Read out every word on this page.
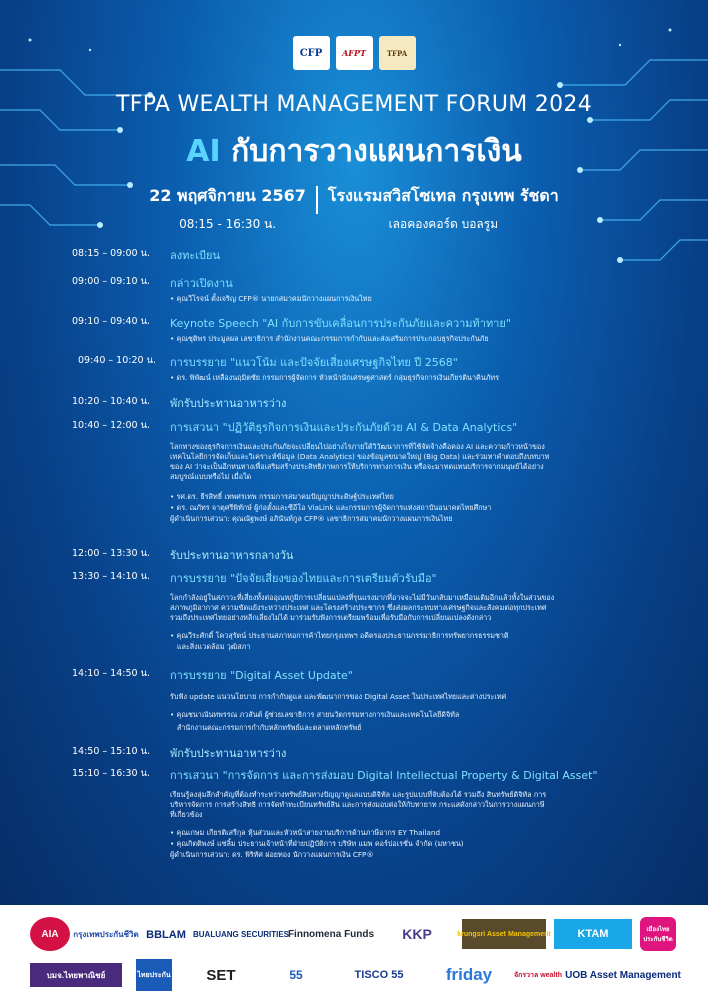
CFP	AFPT	TFPA
TFPA WEALTH MANAGEMENT FORUM 2024
AI กับการวางแผนการเงิน
22 พฤศจิกายน 2567
08:15 - 16:30 น.
โรงแรมสวิสโซเทล กรุงเทพ รัชดา
เลอคองคอร์ด บอลรูม
08:15 – 09:00 น. ลงทะเบียน
09:00 – 09:10 น. กล่าวเปิดงาน
• คุณวีโรจน์ ตั้งเจริญ CFP® นายกสมาคมนักวางแผนการเงินไทย
09:10 – 09:40 น. Keynote Speech "AI กับการขับเคลื่อนการประกันภัยและความท้าทาย"
• คุณชุติพร ประมูลผล เลขาธิการ สำนักงานคณะกรรมการกำกับและส่งเสริมการประกอบธุรกิจประกันภัย
09:40 – 10:20 น. การบรรยาย "แนวโน้ม และปัจจัยเสี่ยงเศรษฐกิจไทย ปี 2568"
• ดร. พิพัฒน์ เหลืองนฤมิตชัย กรรมการผู้จัดการ หัวหน้านักเศรษฐศาสตร์ กลุ่มธุรกิจการเงินเกียรตินาคินภัทร
10:20 – 10:40 น. พักรับประทานอาหารว่าง
10:40 – 12:00 น. การเสวนา "ปฏิวัติธุรกิจการเงินและประกันภัยด้วย AI & Data Analytics"
โลกทางของธุรกิจการเงินและประกันภัยจะเปลี่ยนไปอย่างไรภายใต้วิวัฒนาการที่ใช้จัดจ้างคือคอง AI และความก้าวหน้าของ
เทคโนโลยีการจัดเก็บและวิเคราะห์ข้อมูล (Data Analytics) ของข้อมูลขนาดใหญ่ (Big Data) และร่วมหาคำตอบถึงบทบาท
ของ AI ว่าจะเป็นอีกหนทางเพื่อเสริมสร้างประสิทธิภาพการให้บริการทางการเงิน หรือจะมาทดแทนบริการจากมนุษย์ได้อย่าง
สมบูรณ์แบบหรือไม่ เมื่อใด
• รศ.ดร. ธีรสิทธิ์ เทพศรเทพ กรรมการสมาคมปัญญาประดิษฐ์ประเทศไทย
• ดร. ณภัทร จาตุศรีพิทักษ์ ผู้ก่อตั้งและซีอีโอ ViaLink และกรรมการผู้จัดการแห่งสถาบันอนาคตไทยศึกษา
ผู้ดำเนินการเสวนา: คุณณัฐพงษ์ อภินันท์กูล CFP® เลขาธิการสมาคมนักวางแผนการเงินไทย
12:00 – 13:30 น. รับประทานอาหารกลางวัน
13:30 – 14:10 น. การบรรยาย "ปัจจัยเสี่ยงของไทยและการเตรียมตัวรับมือ"
โลกกำลังอยู่ในสภาวะที่เสี่ยงทั้งต่ออุณหภูมิการเปลี่ยนแปลงที่รุนแรงมากที่อาจจะไม่มีวันกลับมาเหมือนเดิมอีกแล้วทั้งในส่วนของ
สภาพภูมิอากาศ ความขัดแย้งระหว่างประเทศ และโครงสร้างประชากร ซึ่งส่งผลกระทบทางเศรษฐกิจและสังคมต่อทุกประเทศ
รวมถึงประเทศไทยอย่างหลีกเลี่ยงไม่ได้ มาร่วมรับฟังการเตรียมพร้อมเพื่อรับมือกับการเปลี่ยนแปลงดังกล่าว
• คุณวีระศักดิ์ โควสุรัตน์ ประธานสภาหอการค้าไทยกรุงเทพฯ อดีตรองประธานกรรมาธิการทรัพยากรธรรมชาติ
และสิ่งแวดล้อม วุฒิสภา
14:10 – 14:50 น. การบรรยาย "Digital Asset Update"
รับฟัง update แนวนโยบาย การกำกับดูแล และพัฒนาการของ Digital Asset ในประเทศไทยและต่างประเทศ
• คุณชนาณันทพรรณ ภวสันต์ ผู้ช่วยเลขาธิการ สายนวัตกรรมทางการเงินและเทคโนโลยีดิจิทัล
สำนักงานคณะกรรมการกำกับหลักทรัพย์และตลาดหลักทรัพย์
14:50 – 15:10 น. พักรับประทานอาหารว่าง
15:10 – 16:30 น. การเสวนา "การจัดการ และการส่งมอบ Digital Intellectual Property & Digital Asset"
เรียนรู้ลงลุ่มลึกสำคัญที่ต้องทำระหว่างทรัพย์สินทางปัญญาดูแลแบบดิจิทัล และรูปแบบที่จับต้องได้ รวมถึง สินทรัพย์ดิจิทัล การ
บริหารจัดการ การสร้างสิทธิ การจัดทำทะเบียนทรัพย์สิน และการส่งมอบต่อให้กับทายาท กระแสดังกล่าวในการวางแผนภาษี
ที่เกี่ยวข้อง
• คุณเกษม เกียรติเสรีกุล หุ้นส่วนและหัวหน้าสายงานบริการด้านภาษีอากร EY Thailand
• คุณกิตติพงษ์ แซ่ลิ้ม ประธานเจ้าหน้าที่ฝ่ายปฏิบัติการ บริษัท แมพ คอร์ปอเรชั่น จำกัด (มหาชน)
ผู้ดำเนินการเสวนา: ดร. พิริทัศ ฝอยทอง นักวางแผนการเงิน CFP®
AIA	กรุงเทพประกันชีวิต BBLAM BUALUANG SECURITIES
Finnomena Funds	KKP	krungsri Asset Management	KTAM	เมืองไทยประกันชีวิต
บมจ.ไทยพาณิชย์	ไทยประกัน	SET	55	TISCO 55	friday	จักรวาล wealth UOB Asset Management
